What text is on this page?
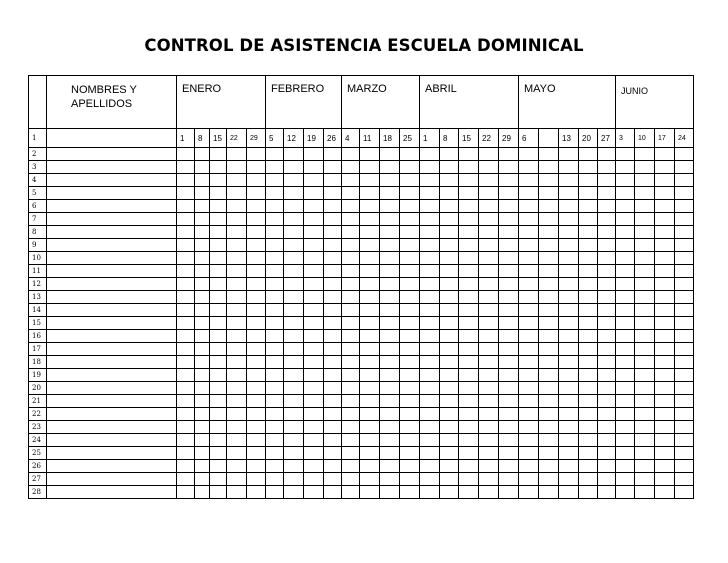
CONTROL DE ASISTENCIA ESCUELA DOMINICAL
	NOMBRES Y APELLIDOS	ENERO					FEBRERO				MARZO				ABRIL					MAYO					JUNIO			
1		1	8	15	22	29	5	12	19	26	4	11	18	25	1	8	15	22	29	6		13	20	27	3	10	17	24
2																												
3																												
4																												
5																												
6																												
7																												
8																												
9																												
10																												
11																												
12																												
13																												
14																												
15																												
16																												
17																												
18																												
19																												
20																												
21																												
22																												
23																												
24																												
25																												
26																												
27																												
28																												
